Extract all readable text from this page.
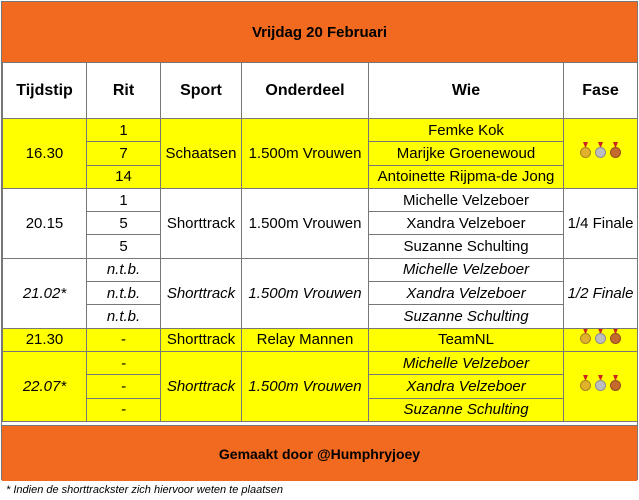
Vrijdag 20 Februari
Tijdstip	Rit	Sport	Onderdeel	Wie	Fase
16.30	1	Schaatsen	1.500m Vrouwen	Femke Kok	

	7			Marijke Groenewoud	
	14			Antoinette Rijpma-de Jong	
20.15	1	Shorttrack	1.500m Vrouwen	Michelle Velzeboer	1/4 Finale
	5			Xandra Velzeboer	
	5			Suzanne Schulting	
21.02*	n.t.b.	Shorttrack	1.500m Vrouwen	Michelle Velzeboer	1/2 Finale
	n.t.b.			Xandra Velzeboer	
	n.t.b.			Suzanne Schulting	
21.30	-	Shorttrack	Relay Mannen	TeamNL	

22.07*	-	Shorttrack	1.500m Vrouwen	Michelle Velzeboer	

	-			Xandra Velzeboer	
	-			Suzanne Schulting	
Gemaakt door @Humphryjoey
* Indien de shorttrackster zich hiervoor weten te plaatsen
